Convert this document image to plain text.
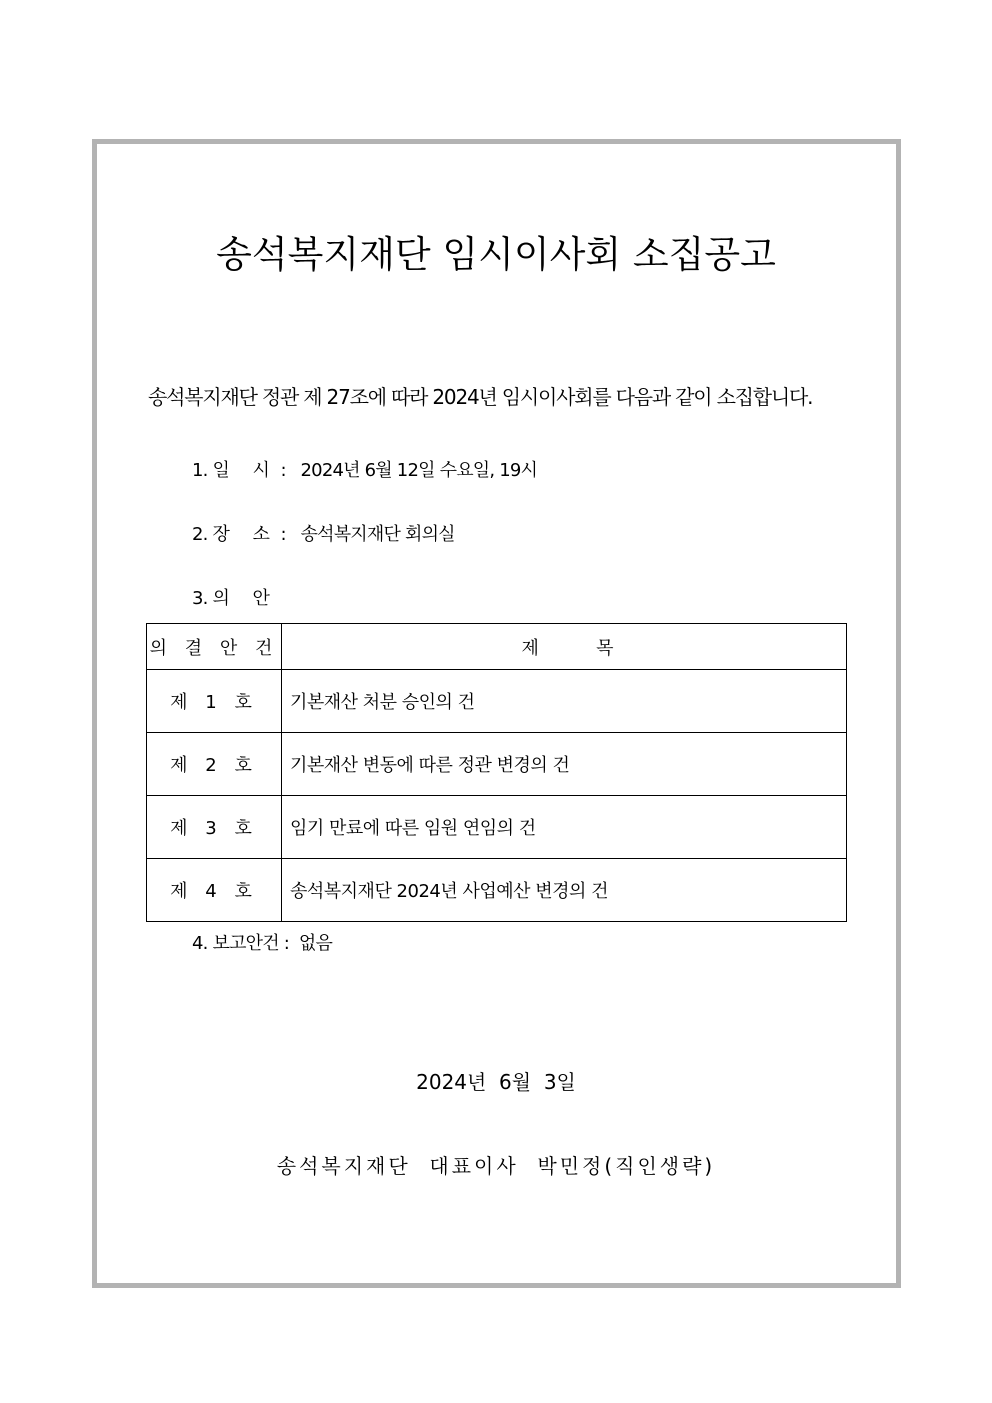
송석복지재단 임시이사회 소집공고
송석복지재단 정관 제 27조에 따라 2024년 임시이사회를 다음과 같이 소집합니다.
1. 일 시 : 2024년 6월 12일 수요일, 19시
2. 장 소 : 송석복지재단 회의실
3. 의 안
의 결 안 건	제          목
제 1 호	기본재산 처분 승인의 건
제 2 호	기본재산 변동에 따른 정관 변경의 건
제 3 호	임기 만료에 따른 임원 연임의 건
제 4 호	송석복지재단 2024년 사업예산 변경의 건
4. 보고안건 : 없음
2024년  6월  3일
송석복지재단  대표이사  박민정(직인생략)
